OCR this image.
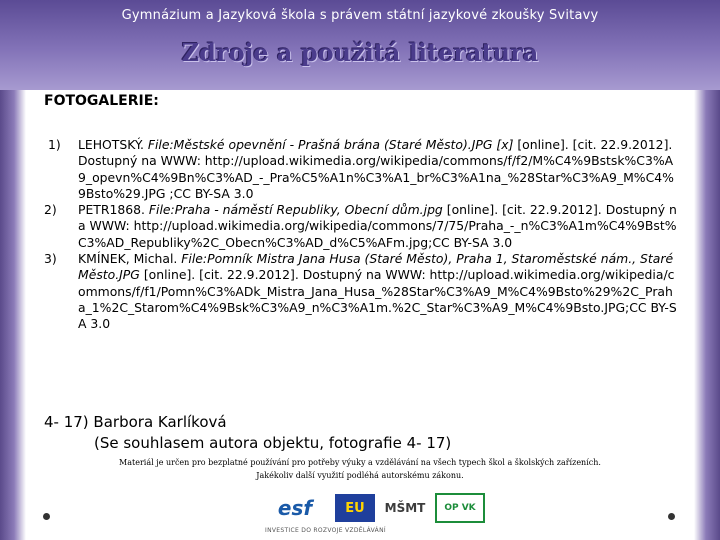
Gymnázium a Jazyková škola s právem státní jazykové zkoušky Svitavy
Zdroje a použitá literatura
FOTOGALERIE:
1) LEHOTSKÝ. File:Městské opevnění - Prašná brána (Staré Město).JPG [x] [online]. [cit. 22.9.2012]. Dostupný na WWW: http://upload.wikimedia.org/wikipedia/commons/f/f2/M%C4%9Bstsk%C3%A9_opevn%C4%9Bn%C3%AD_-_Pra%C5%A1n%C3%A1_br%C3%A1na_%28Star%C3%A9_M%C4%9Bsto%29.JPG ;CC BY-SA 3.0
2) PETR1868. File:Praha - náměstí Republiky, Obecní dům.jpg [online]. [cit. 22.9.2012]. Dostupný na WWW: http://upload.wikimedia.org/wikipedia/commons/7/75/Praha_-_n%C3%A1m%C4%9Bst%C3%AD_Republiky%2C_Obecn%C3%AD_d%C5%AFm.jpg;CC BY-SA 3.0
3) KMÍNEK, Michal. File:Pomník Mistra Jana Husa (Staré Město), Praha 1, Staroměstské nám., Staré Město.JPG [online]. [cit. 22.9.2012]. Dostupný na WWW: http://upload.wikimedia.org/wikipedia/commons/f/f1/Pomn%C3%ADk_Mistra_Jana_Husa_%28Star%C3%A9_M%C4%9Bsto%29%2C_Praha_1%2C_Starom%C4%9Bsk%C3%A9_n%C3%A1m.%2C_Star%C3%A9_M%C4%9Bsto.JPG;CC BY-SA 3.0
4- 17) Barbora Karlíková
(Se souhlasem autora objektu, fotografie 4- 17)
Materiál je určen pro bezplatné používání pro potřeby výuky a vzdělávání na všech typech škol a školských zařízeních.
Jakékoliv další využití podléhá autorskému zákonu.
esf	EU	MŠMT	OP VK
INVESTICE DO ROZVOJE VZDĚLÁVÁNÍ
